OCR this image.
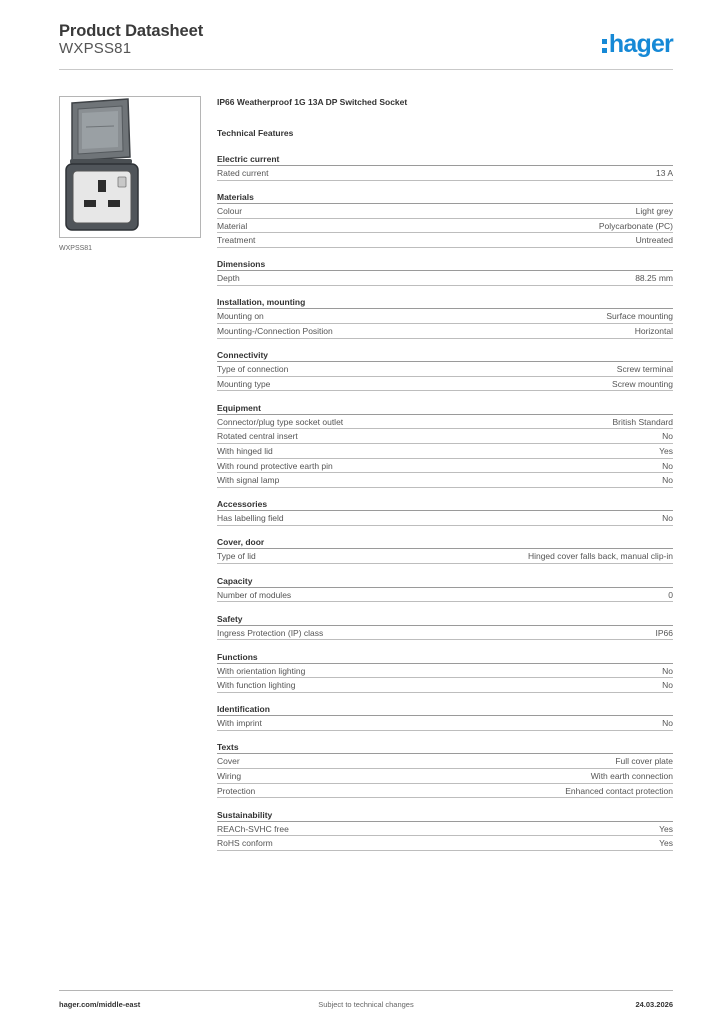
Product Datasheet
WXPSS81	hager
WXPSS81
IP66 Weatherproof 1G 13A DP Switched Socket
Technical Features
Electric current
Rated current	13 A
Materials
Colour	Light grey
Material	Polycarbonate (PC)
Treatment	Untreated
Dimensions
Depth	88.25 mm
Installation, mounting
Mounting on	Surface mounting
Mounting-/Connection Position	Horizontal
Connectivity
Type of connection	Screw terminal
Mounting type	Screw mounting
Equipment
Connector/plug type socket outlet	British Standard
Rotated central insert	No
With hinged lid	Yes
With round protective earth pin	No
With signal lamp	No
Accessories
Has labelling field	No
Cover, door
Type of lid	Hinged cover falls back, manual clip-in
Capacity
Number of modules	0
Safety
Ingress Protection (IP) class	IP66
Functions
With orientation lighting	No
With function lighting	No
Identification
With imprint	No
Texts
Cover	Full cover plate
Wiring	With earth connection
Protection	Enhanced contact protection
Sustainability
REACh-SVHC free	Yes
RoHS conform	Yes
hager.com/middle-east	Subject to technical changes	24.03.2026
